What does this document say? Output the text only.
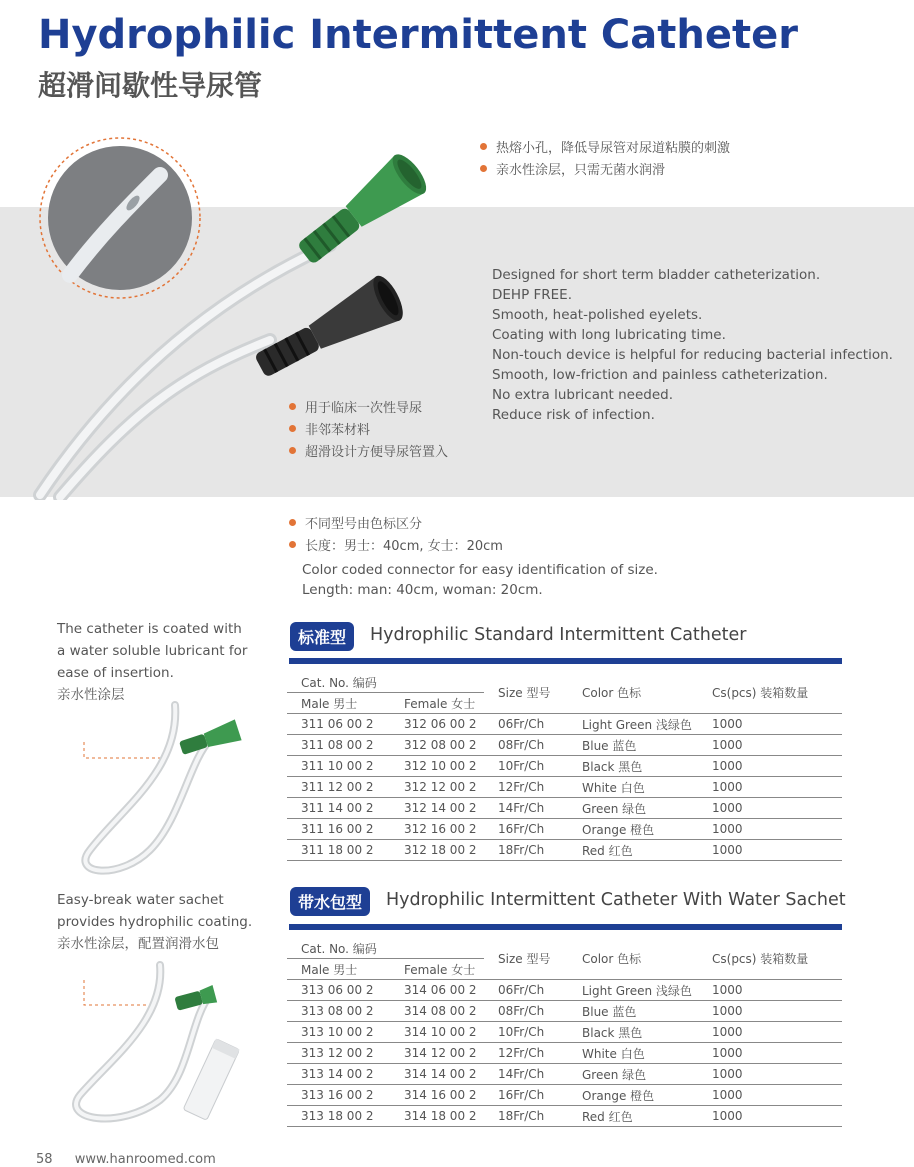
Hydrophilic Intermittent Catheter
超滑间歇性导尿管
热熔小孔，降低导尿管对尿道粘膜的刺激
亲水性涂层，只需无菌水润滑
Designed for short term bladder catheterization.
DEHP FREE.
Smooth, heat-polished eyelets.
Coating with long lubricating time.
Non-touch device is helpful for reducing bacterial infection.
Smooth, low-friction and painless catheterization.
No extra lubricant needed.
Reduce risk of infection.
用于临床一次性导尿
非邻苯材料
超滑设计方便导尿管置入
不同型号由色标区分
长度：男士：40cm, 女士：20cm
Color coded connector for easy identification of size.
Length: man: 40cm, woman: 20cm.
The catheter is coated with
a water soluble lubricant for
ease of insertion.
亲水性涂层
标准型	Hydrophilic Standard Intermittent Catheter
Cat. No. 编码		Size 型号	Color 色标	Cs(pcs) 装箱数量
Male 男士	Female 女士			
311 06 00 2	312 06 00 2	06Fr/Ch	Light Green 浅绿色	1000
311 08 00 2	312 08 00 2	08Fr/Ch	Blue 蓝色	1000
311 10 00 2	312 10 00 2	10Fr/Ch	Black 黑色	1000
311 12 00 2	312 12 00 2	12Fr/Ch	White 白色	1000
311 14 00 2	312 14 00 2	14Fr/Ch	Green 绿色	1000
311 16 00 2	312 16 00 2	16Fr/Ch	Orange 橙色	1000
311 18 00 2	312 18 00 2	18Fr/Ch	Red 红色	1000
Easy-break water sachet
provides hydrophilic coating.
亲水性涂层，配置润滑水包
带水包型	Hydrophilic Intermittent Catheter With Water Sachet
Cat. No. 编码		Size 型号	Color 色标	Cs(pcs) 装箱数量
Male 男士	Female 女士			
313 06 00 2	314 06 00 2	06Fr/Ch	Light Green 浅绿色	1000
313 08 00 2	314 08 00 2	08Fr/Ch	Blue 蓝色	1000
313 10 00 2	314 10 00 2	10Fr/Ch	Black 黑色	1000
313 12 00 2	314 12 00 2	12Fr/Ch	White 白色	1000
313 14 00 2	314 14 00 2	14Fr/Ch	Green 绿色	1000
313 16 00 2	314 16 00 2	16Fr/Ch	Orange 橙色	1000
313 18 00 2	314 18 00 2	18Fr/Ch	Red 红色	1000
58 www.hanroomed.com
